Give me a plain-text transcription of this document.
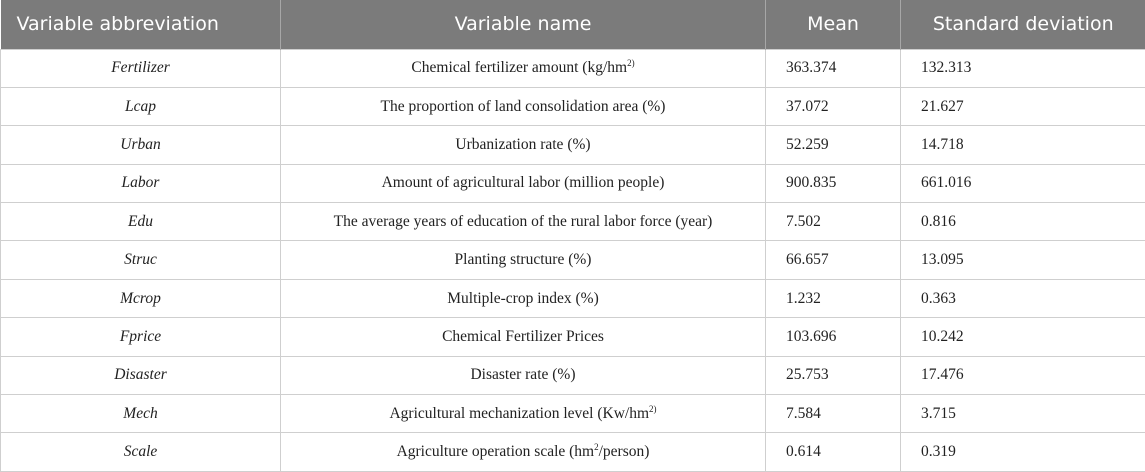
Variable abbreviation	Variable name	Mean	Standard deviation
Fertilizer	Chemical fertilizer amount ($kg/hm^{2)}$	363.374	132.313
Lcap	The proportion of land consolidation area (%)	37.072	21.627
Urban	Urbanization rate (%)	52.259	14.718
Labor	Amount of agricultural labor (million people)	900.835	661.016
Edu	The average years of education of the rural labor force (year)	7.502	0.816
Struc	Planting structure (%)	66.657	13.095
Mcrop	Multiple-crop index (%)	1.232	0.363
Fprice	Chemical Fertilizer Prices	103.696	10.242
Disaster	Disaster rate (%)	25.753	17.476
Mech	Agricultural mechanization level ($Kw/hm^{2)}$	7.584	3.715
Scale	Agriculture operation scale $(hm^2/person)$	0.614	0.319
